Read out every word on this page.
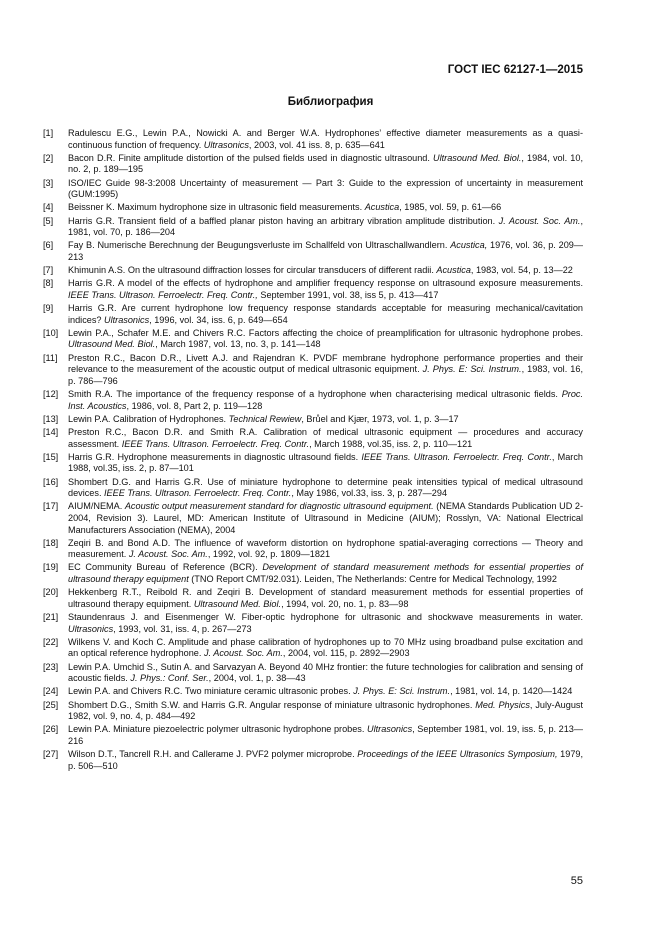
ГОСТ IEC 62127-1—2015
Библиография
[1]	Radulescu E.G., Lewin P.A., Nowicki A. and Berger W.A. Hydrophones’ effective diameter measurements as a quasi-continuous function of frequency. Ultrasonics, 2003, vol. 41 iss. 8, p. 635—641
[2]	Bacon D.R. Finite amplitude distortion of the pulsed fields used in diagnostic ultrasound. Ultrasound Med. Biol., 1984, vol. 10, no. 2, p. 189—195
[3]	ISO/IEC Guide 98-3:2008 Uncertainty of measurement — Part 3: Guide to the expression of uncertainty in measurement (GUM:1995)
[4]	Beissner K. Maximum hydrophone size in ultrasonic field measurements. Acustica, 1985, vol. 59, p. 61—66
[5]	Harris G.R. Transient field of a baffled planar piston having an arbitrary vibration amplitude distribution. J. Acoust. Soc. Am., 1981, vol. 70, p. 186—204
[6]	Fay B. Numerische Berechnung der Beugungsverluste im Schallfeld von Ultraschallwandlern. Acustica, 1976, vol. 36, p. 209—213
[7]	Khimunin A.S. On the ultrasound diffraction losses for circular transducers of different radii. Acustica, 1983, vol. 54, p. 13—22
[8]	Harris G.R. A model of the effects of hydrophone and amplifier frequency response on ultrasound exposure measurements. IEEE Trans. Ultrason. Ferroelectr. Freq. Contr., September 1991, vol. 38, iss 5, p. 413—417
[9]	Harris G.R. Are current hydrophone low frequency response standards acceptable for measuring mechanical/cavitation indices? Ultrasonics, 1996, vol. 34, iss. 6, p. 649—654
[10]	Lewin P.A., Schafer M.E. and Chivers R.C. Factors affecting the choice of preamplification for ultrasonic hydrophone probes. Ultrasound Med. Biol., March 1987, vol. 13, no. 3, p. 141—148
[11]	Preston R.C., Bacon D.R., Livett A.J. and Rajendran K. PVDF membrane hydrophone performance properties and their relevance to the measurement of the acoustic output of medical ultrasonic equipment. J. Phys. E: Sci. Instrum., 1983, vol. 16, p. 786—796
[12]	Smith R.A. The importance of the frequency response of a hydrophone when characterising medical ultrasonic fields. Proc. Inst. Acoustics, 1986, vol. 8, Part 2, p. 119—128
[13]	Lewin P.A. Calibration of Hydrophones. Technical Rewiew, Brůel and Kjær, 1973, vol. 1, p. 3—17
[14]	Preston R.C., Bacon D.R. and Smith R.A. Calibration of medical ultrasonic equipment — procedures and accuracy assessment. IEEE Trans. Ultrason. Ferroelectr. Freq. Contr., March 1988, vol.35, iss. 2, p. 110—121
[15]	Harris G.R. Hydrophone measurements in diagnostic ultrasound fields. IEEE Trans. Ultrason. Ferroelectr. Freq. Contr., March 1988, vol.35, iss. 2, p. 87—101
[16]	Shombert D.G. and Harris G.R. Use of miniature hydrophone to determine peak intensities typical of medical ultrasound devices. IEEE Trans. Ultrason. Ferroelectr. Freq. Contr., May 1986, vol.33, iss. 3, p. 287—294
[17]	AIUM/NEMA. Acoustic output measurement standard for diagnostic ultrasound equipment. (NEMA Standards Publication UD 2-2004, Revision 3). Laurel, MD: American Institute of Ultrasound in Medicine (AIUM); Rosslyn, VA: National Electrical Manufacturers Association (NEMA), 2004
[18]	Zeqiri B. and Bond A.D. The influence of waveform distortion on hydrophone spatial-averaging corrections — Theory and measurement. J. Acoust. Soc. Am., 1992, vol. 92, p. 1809—1821
[19]	EC Community Bureau of Reference (BCR). Development of standard measurement methods for essential properties of ultrasound therapy equipment (TNO Report CMT/92.031). Leiden, The Netherlands: Centre for Medical Technology, 1992
[20]	Hekkenberg R.T., Reibold R. and Zeqiri B. Development of standard measurement methods for essential properties of ultrasound therapy equipment. Ultrasound Med. Biol., 1994, vol. 20, no. 1, p. 83—98
[21]	Staundenraus J. and Eisenmenger W. Fiber-optic hydrophone for ultrasonic and shockwave measurements in water. Ultrasonics, 1993, vol. 31, iss. 4, p. 267—273
[22]	Wilkens V. and Koch C. Amplitude and phase calibration of hydrophones up to 70 MHz using broadband pulse excitation and an optical reference hydrophone. J. Acoust. Soc. Am., 2004, vol. 115, p. 2892—2903
[23]	Lewin P.A. Umchid S., Sutin A. and Sarvazyan A. Beyond 40 MHz frontier: the future technologies for calibration and sensing of acoustic fields. J. Phys.: Conf. Ser., 2004, vol. 1, p. 38—43
[24]	Lewin P.A. and Chivers R.C. Two miniature ceramic ultrasonic probes. J. Phys. E: Sci. Instrum., 1981, vol. 14, p. 1420—1424
[25]	Shombert D.G., Smith S.W. and Harris G.R. Angular response of miniature ultrasonic hydrophones. Med. Physics, July-August 1982, vol. 9, no. 4, p. 484—492
[26]	Lewin P.A. Miniature piezoelectric polymer ultrasonic hydrophone probes. Ultrasonics, September 1981, vol. 19, iss. 5, p. 213—216
[27]	Wilson D.T., Tancrell R.H. and Callerame J. PVF2 polymer microprobe. Proceedings of the IEEE Ultrasonics Symposium, 1979, p. 506—510
55
